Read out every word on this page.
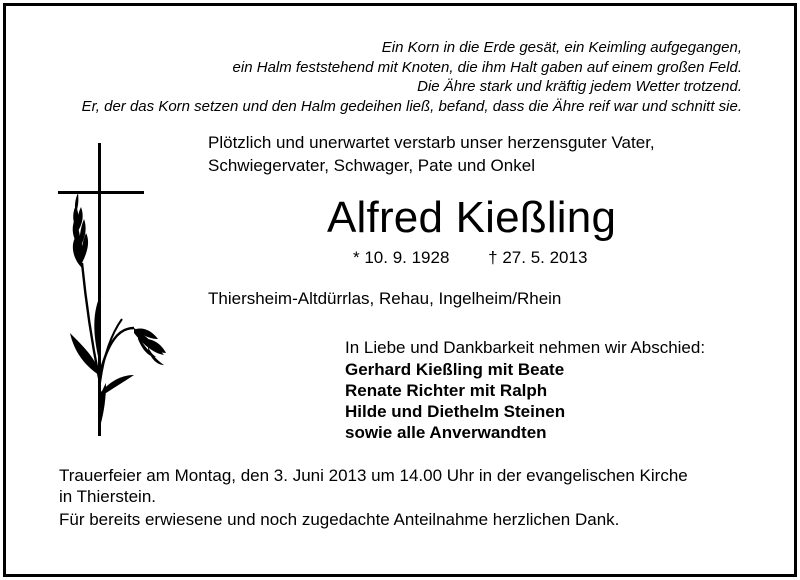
Ein Korn in die Erde gesät, ein Keimling aufgegangen,
ein Halm feststehend mit Knoten, die ihm Halt gaben auf einem großen Feld.
Die Ähre stark und kräftig jedem Wetter trotzend.
Er, der das Korn setzen und den Halm gedeihen ließ, befand, dass die Ähre reif war und schnitt sie.
Plötzlich und unerwartet verstarb unser herzensguter Vater,
Schwiegervater, Schwager, Pate und Onkel
Alfred Kießling
* 10. 9. 1928 † 27. 5. 2013
Thiersheim-Altdürrlas, Rehau, Ingelheim/Rhein
In Liebe und Dankbarkeit nehmen wir Abschied:
Gerhard Kießling mit Beate
Renate Richter mit Ralph
Hilde und Diethelm Steinen
sowie alle Anverwandten
Trauerfeier am Montag, den 3. Juni 2013 um 14.00 Uhr in der evangelischen Kirche
in Thierstein.
Für bereits erwiesene und noch zugedachte Anteilnahme herzlichen Dank.
